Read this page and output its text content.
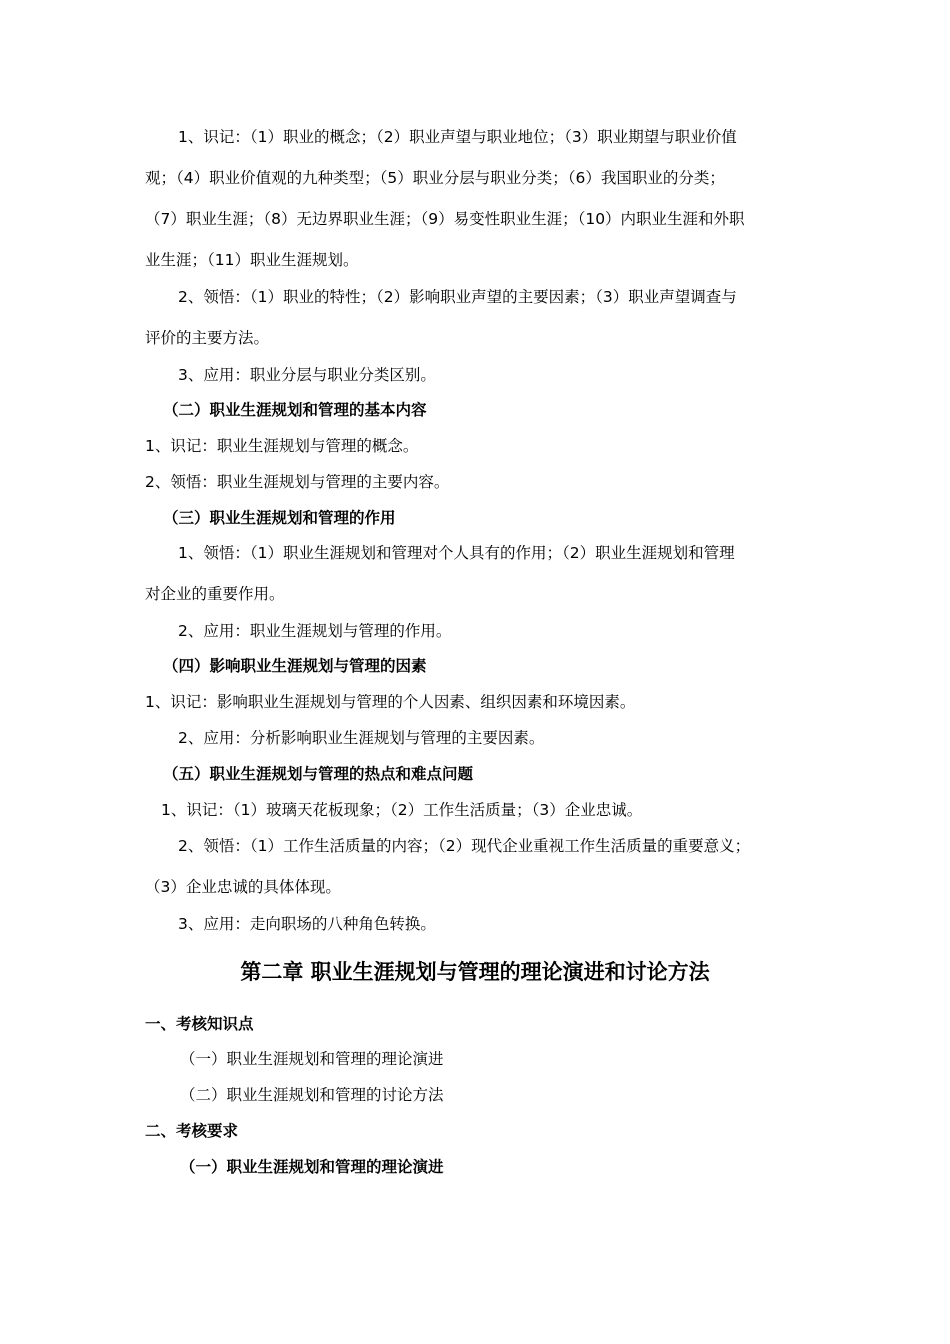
1、识记：（1）职业的概念；（2）职业声望与职业地位；（3）职业期望与职业价值
观；（4）职业价值观的九种类型；（5）职业分层与职业分类；（6）我国职业的分类；
（7）职业生涯；（8）无边界职业生涯；（9）易变性职业生涯；（10）内职业生涯和外职
业生涯；（11）职业生涯规划。
2、领悟：（1）职业的特性；（2）影响职业声望的主要因素；（3）职业声望调查与
评价的主要方法。
3、应用：职业分层与职业分类区别。
（二）职业生涯规划和管理的基本内容
1、识记：职业生涯规划与管理的概念。
2、领悟：职业生涯规划与管理的主要内容。
（三）职业生涯规划和管理的作用
1、领悟：（1）职业生涯规划和管理对个人具有的作用；（2）职业生涯规划和管理
对企业的重要作用。
2、应用：职业生涯规划与管理的作用。
（四）影响职业生涯规划与管理的因素
1、识记：影响职业生涯规划与管理的个人因素、组织因素和环境因素。
2、应用：分析影响职业生涯规划与管理的主要因素。
（五）职业生涯规划与管理的热点和难点问题
1、识记：（1）玻璃天花板现象；（2）工作生活质量；（3）企业忠诚。
2、领悟：（1）工作生活质量的内容；（2）现代企业重视工作生活质量的重要意义；
（3）企业忠诚的具体体现。
3、应用：走向职场的八种角色转换。
第二章 职业生涯规划与管理的理论演进和讨论方法
一、考核知识点
（一）职业生涯规划和管理的理论演进
（二）职业生涯规划和管理的讨论方法
二、考核要求
（一）职业生涯规划和管理的理论演进
